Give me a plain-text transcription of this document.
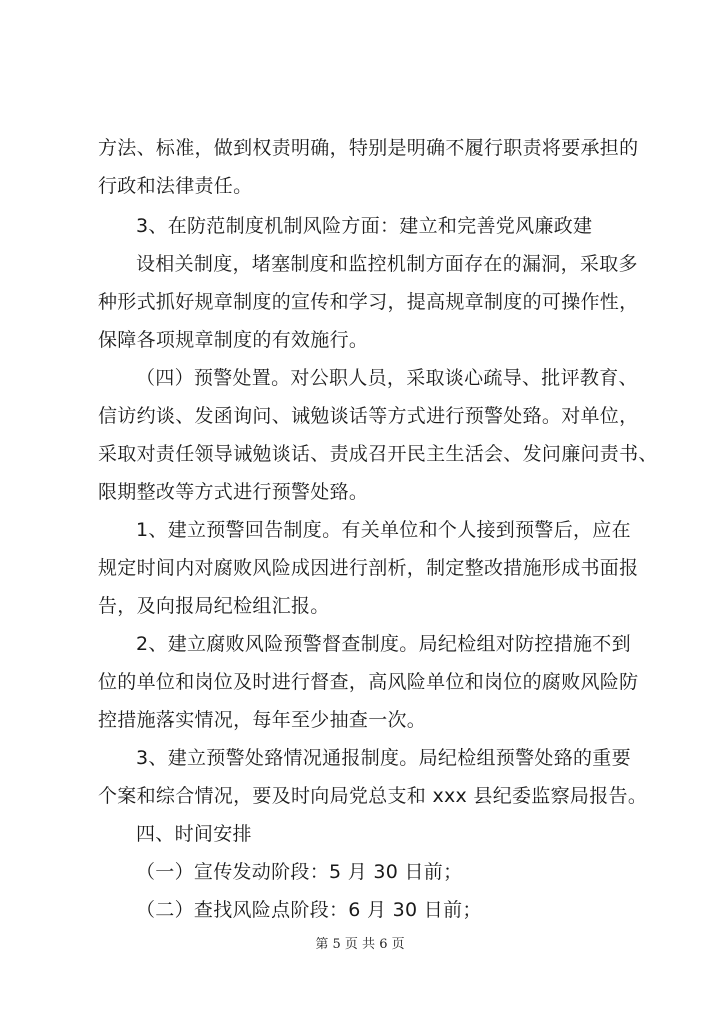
方法、标准，做到权责明确，特别是明确不履行职责将要承担的
行政和法律责任。
3、在防范制度机制风险方面：建立和完善党风廉政建
设相关制度，堵塞制度和监控机制方面存在的漏洞，采取多
种形式抓好规章制度的宣传和学习，提高规章制度的可操作性，
保障各项规章制度的有效施行。
（四）预警处置。对公职人员，采取谈心疏导、批评教育、
信访约谈、发函询问、诫勉谈话等方式进行预警处臵。对单位，
采取对责任领导诫勉谈话、责成召开民主生活会、发问廉问责书、
限期整改等方式进行预警处臵。
1、建立预警回告制度。有关单位和个人接到预警后，应在
规定时间内对腐败风险成因进行剖析，制定整改措施形成书面报
告，及向报局纪检组汇报。
2、建立腐败风险预警督查制度。局纪检组对防控措施不到
位的单位和岗位及时进行督查，高风险单位和岗位的腐败风险防
控措施落实情况，每年至少抽查一次。
3、建立预警处臵情况通报制度。局纪检组预警处臵的重要
个案和综合情况，要及时向局党总支和 xxx 县纪委监察局报告。
四、时间安排
（一）宣传发动阶段：5 月 30 日前；
（二）查找风险点阶段：6 月 30 日前；
第 5 页 共 6 页
